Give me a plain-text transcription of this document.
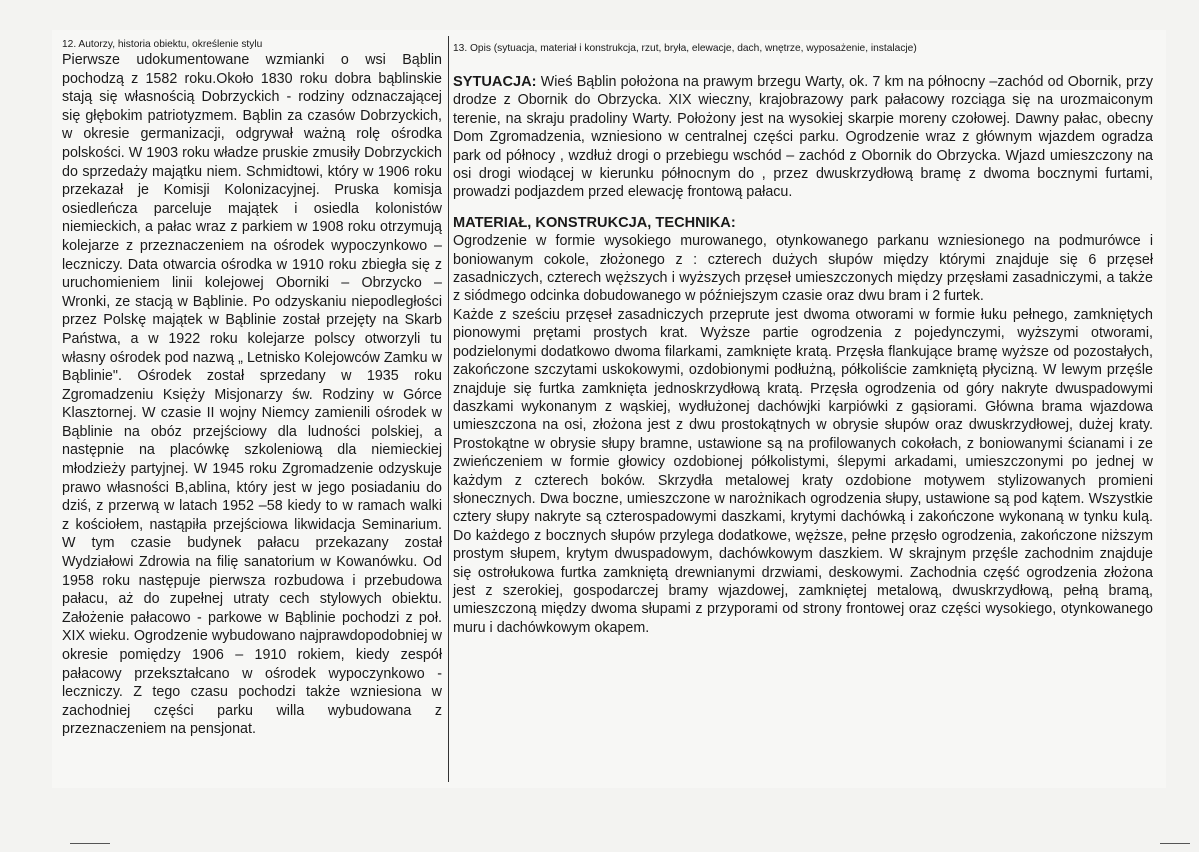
12. Autorzy, historia obiektu, określenie stylu

Pierwsze udokumentowane wzmianki o wsi Bąblin pochodzą z 1582 roku.Około 1830 roku dobra bąblinskie stają się własnością Dobrzyckich - rodziny odznaczającej się głębokim patriotyzmem. Bąblin za czasów Dobrzyckich, w okresie germanizacji, odgrywał ważną rolę ośrodka polskości. W 1903 roku władze pruskie zmusiły Dobrzyckich do sprzedaży majątku niem. Schmidtowi, który w 1906 roku przekazał je Komisji Kolonizacyjnej. Pruska komisja osiedleńcza parceluje majątek i osiedla kolonistów niemieckich, a pałac wraz z parkiem w 1908 roku otrzymują kolejarze z przeznaczeniem na ośrodek wypoczynkowo – leczniczy. Data otwarcia ośrodka w 1910 roku zbiegła się z uruchomieniem linii kolejowej Oborniki – Obrzycko – Wronki, ze stacją w Bąblinie. Po odzyskaniu niepodległości przez Polskę majątek w Bąblinie został przejęty na Skarb Państwa, a w 1922 roku kolejarze polscy otworzyli tu własny ośrodek pod nazwą „ Letnisko Kolejowców Zamku w Bąblinie". Ośrodek został sprzedany w 1935 roku Zgromadzeniu Księży Misjonarzy św. Rodziny w Górce Klasztornej. W czasie II wojny Niemcy zamienili ośrodek w Bąblinie na obóz przejściowy dla ludności polskiej, a następnie na placówkę szkoleniową dla niemieckiej młodzieży partyjnej. W 1945 roku Zgromadzenie odzyskuje prawo własności B,ablina, który jest w jego posiadaniu do dziś, z przerwą w latach 1952 –58 kiedy to w ramach walki z kościołem, nastąpiła przejściowa likwidacja Seminarium. W tym czasie budynek pałacu przekazany został Wydziałowi Zdrowia na filię sanatorium w Kowanówku. Od 1958 roku następuje pierwsza rozbudowa i przebudowa pałacu, aż do zupełnej utraty cech stylowych obiektu. Założenie pałacowo - parkowe w Bąblinie pochodzi z poł. XIX wieku. Ogrodzenie wybudowano najprawdopodobniej w okresie pomiędzy 1906 – 1910 rokiem, kiedy zespół pałacowy przekształcano w ośrodek wypoczynkowo - leczniczy. Z tego czasu pochodzi także wzniesiona w zachodniej części parku willa wybudowana z przeznaczeniem na pensjonat.

13. Opis (sytuacja, materiał i konstrukcja, rzut, bryła, elewacje, dach, wnętrze, wyposażenie, instalacje)

SYTUACJA: Wieś Bąblin położona na prawym brzegu Warty, ok. 7 km na północny –zachód od Obornik, przy drodze z Obornik do Obrzycka. XIX wieczny, krajobrazowy park pałacowy rozciąga się na urozmaiconym terenie, na skraju pradoliny Warty. Położony jest na wysokiej skarpie moreny czołowej. Dawny pałac, obecny Dom Zgromadzenia, wzniesiono w centralnej części parku. Ogrodzenie wraz z głównym wjazdem ogradza park od północy , wzdłuż drogi o przebiegu wschód – zachód z Obornik do Obrzycka. Wjazd umieszczony na osi drogi wiodącej w kierunku północnym do , przez dwuskrzydłową bramę z dwoma bocznymi furtami, prowadzi podjazdem przed elewację frontową pałacu.

MATERIAŁ, KONSTRUKCJA, TECHNIKA:

Ogrodzenie w formie wysokiego murowanego, otynkowanego parkanu wzniesionego na podmurówce i boniowanym cokole, złożonego z : czterech dużych słupów między którymi znajduje się 6 przęseł zasadniczych, czterech węższych i wyższych przęseł umieszczonych między przęsłami zasadniczymi, a także z siódmego odcinka dobudowanego w późniejszym czasie oraz dwu bram i 2 furtek.

Każde z sześciu przęseł zasadniczych przeprute jest dwoma otworami w formie łuku pełnego, zamkniętych pionowymi prętami prostych krat. Wyższe partie ogrodzenia z pojedynczymi, wyższymi otworami, podzielonymi dodatkowo dwoma filarkami, zamknięte kratą. Przęsła flankujące bramę wyższe od pozostałych, zakończone szczytami uskokowymi, ozdobionymi podłużną, półkoliście zamkniętą płycizną. W lewym przęśle znajduje się furtka zamknięta jednoskrzydłową kratą. Przęsła ogrodzenia od góry nakryte dwuspadowymi daszkami wykonanym z wąskiej, wydłużonej dachówjki karpiówki z gąsiorami. Główna brama wjazdowa umieszczona na osi, złożona jest z dwu prostokątnych w obrysie słupów oraz dwuskrzydłowej, dużej kraty. Prostokątne w obrysie słupy bramne, ustawione są na profilowanych cokołach, z boniowanymi ścianami i ze zwieńczeniem w formie głowicy ozdobionej półkolistymi, ślepymi arkadami, umieszczonymi po jednej w każdym z czterech boków. Skrzydła metalowej kraty ozdobione motywem stylizowanych promieni słonecznych. Dwa boczne, umieszczone w narożnikach ogrodzenia słupy, ustawione są pod kątem. Wszystkie cztery słupy nakryte są czterospadowymi daszkami, krytymi dachówką i zakończone wykonaną w tynku kulą. Do każdego z bocznych słupów przylega dodatkowe, węższe, pełne przęsło ogrodzenia, zakończone niższym prostym słupem, krytym dwuspadowym, dachówkowym daszkiem. W skrajnym przęśle zachodnim znajduje się ostrołukowa furtka zamkniętą drewnianymi drzwiami, deskowymi. Zachodnia część ogrodzenia złożona jest z szerokiej, gospodarczej bramy wjazdowej, zamkniętej metalową, dwuskrzydłową, pełną bramą, umieszczoną między dwoma słupami z przyporami od strony frontowej oraz części wysokiego, otynkowanego muru i dachówkowym okapem.
